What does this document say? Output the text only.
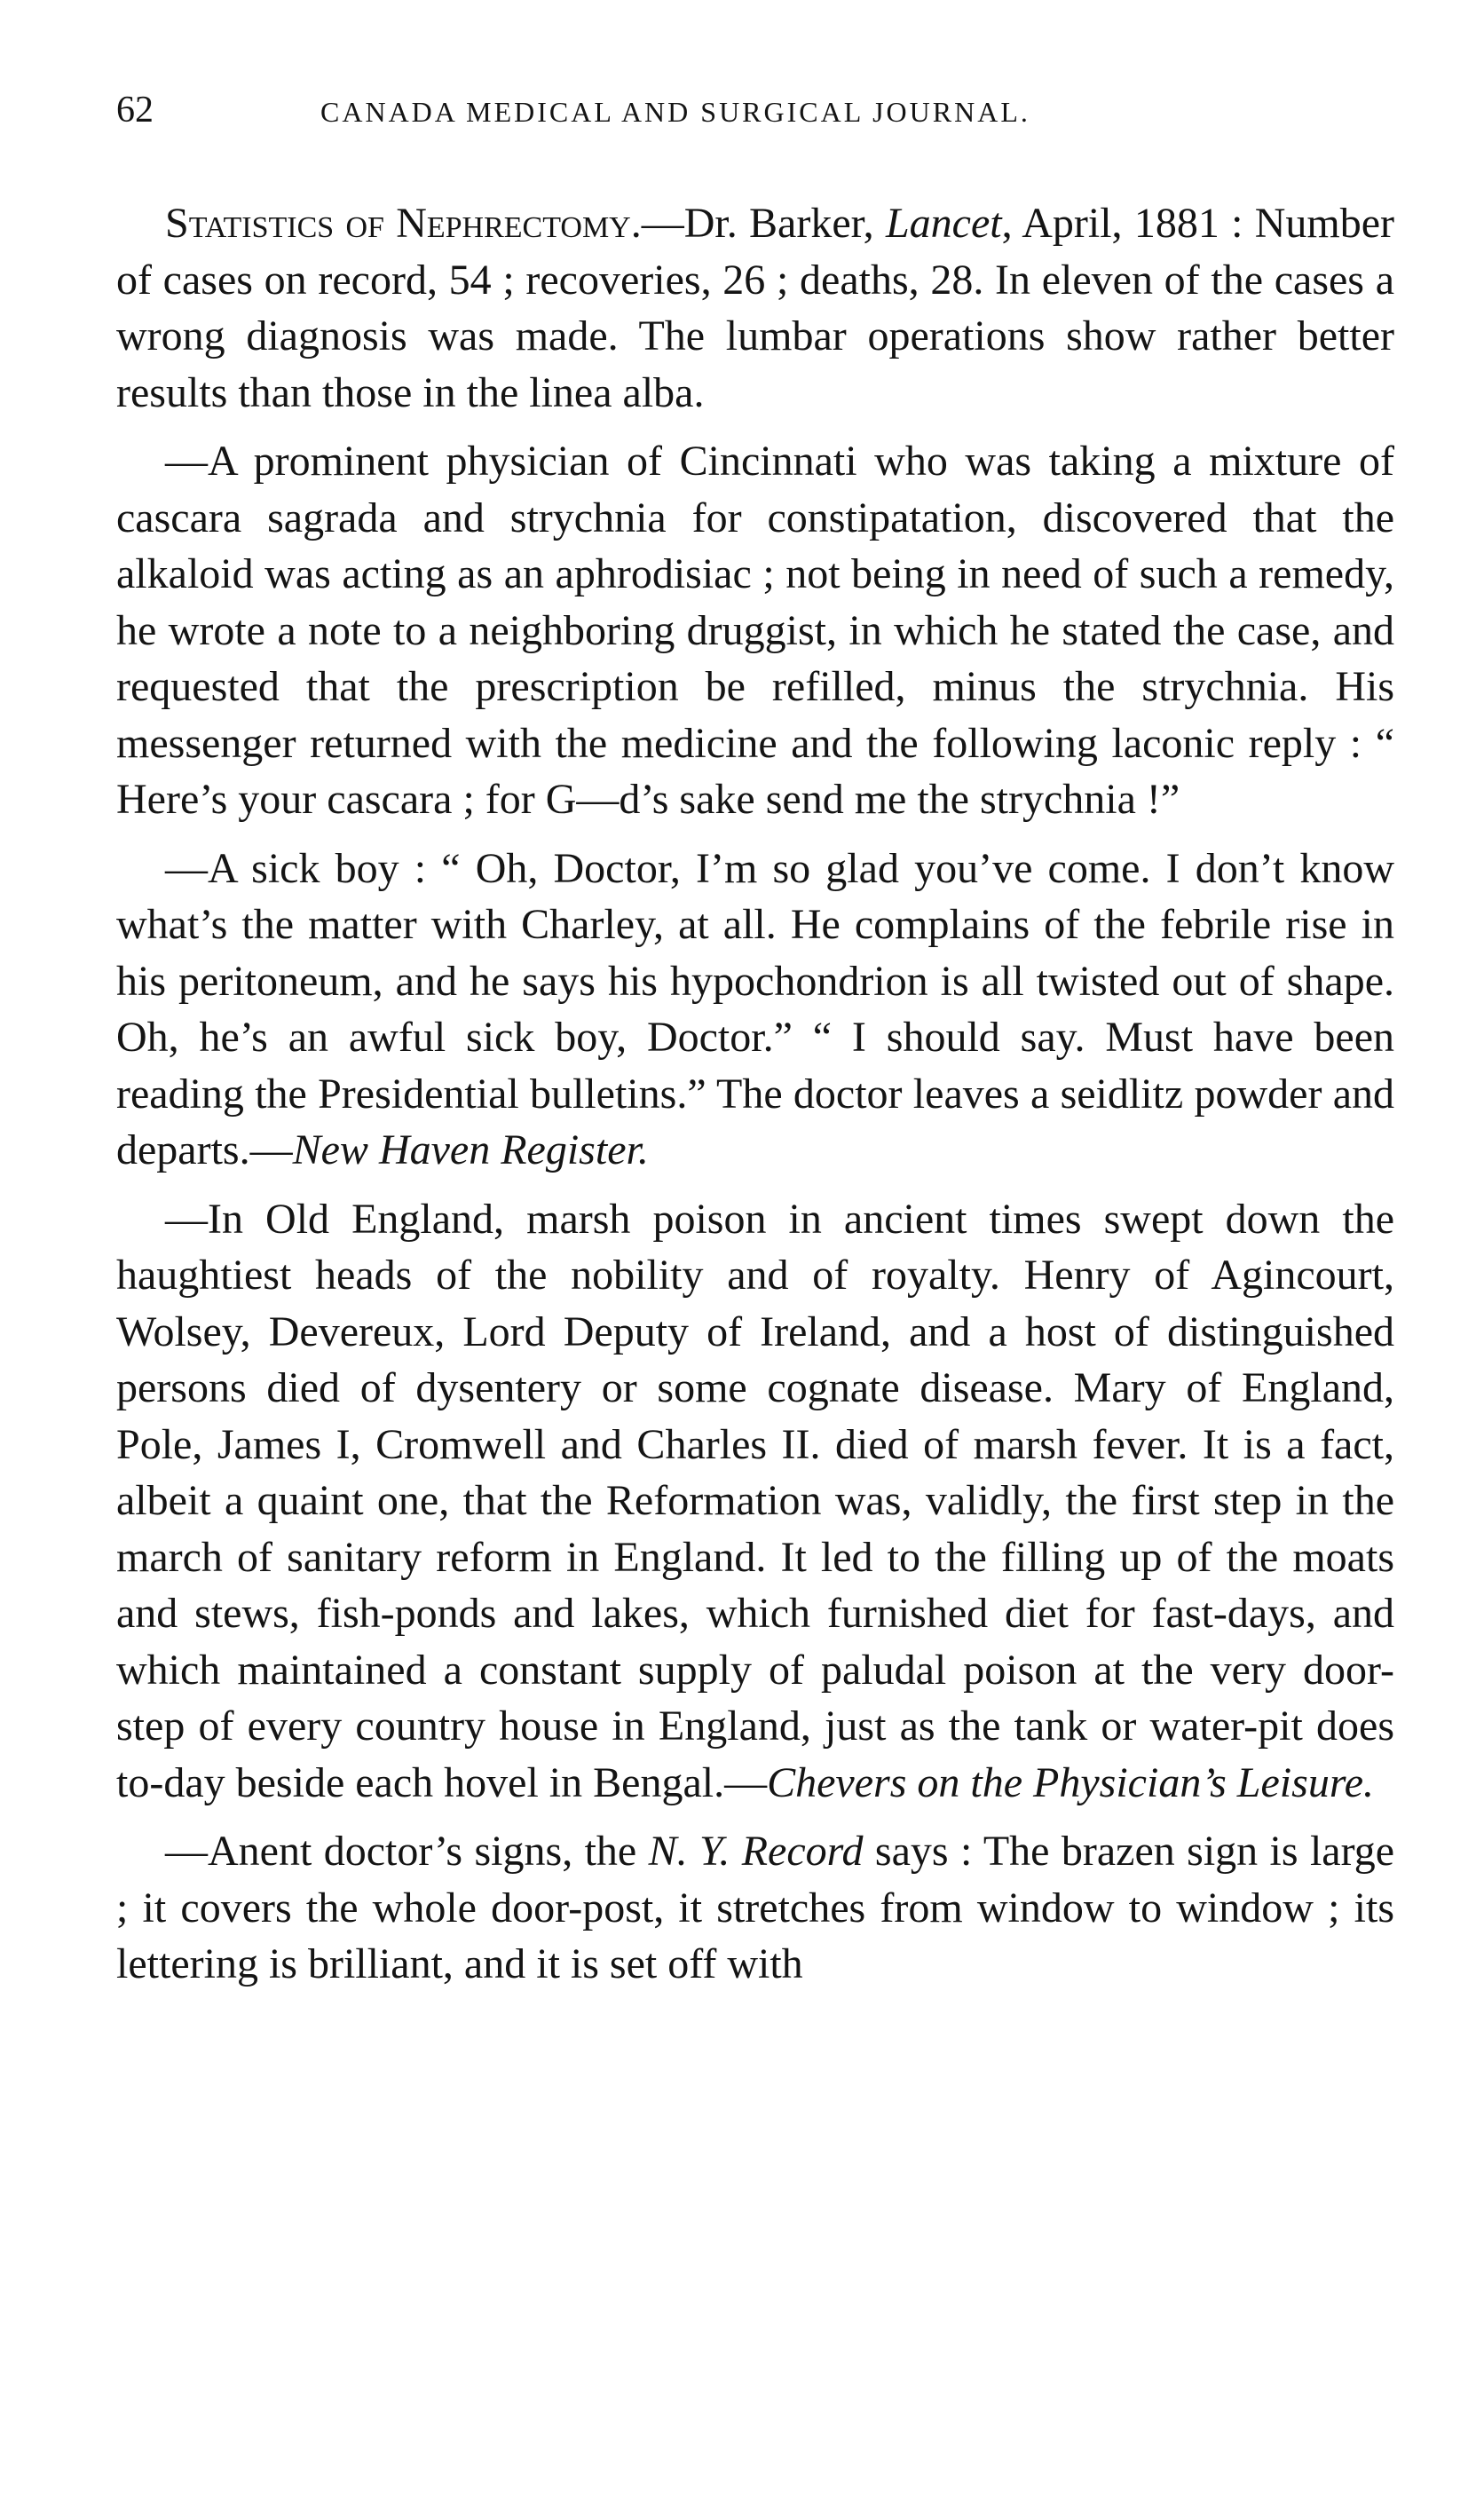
62	CANADA MEDICAL AND SURGICAL JOURNAL.

Statistics of Nephrectomy.—Dr. Barker, Lancet, April, 1881 : Number of cases on record, 54 ; recoveries, 26 ; deaths, 28. In eleven of the cases a wrong diagnosis was made. The lumbar operations show rather better results than those in the linea alba.

—A prominent physician of Cincinnati who was taking a mixture of cascara sagrada and strychnia for constipatation, discovered that the alkaloid was acting as an aphrodisiac ; not being in need of such a remedy, he wrote a note to a neighboring druggist, in which he stated the case, and requested that the prescription be refilled, minus the strychnia. His messenger returned with the medicine and the following laconic reply : “ Here’s your cascara ; for G—d’s sake send me the strychnia !”

—A sick boy : “ Oh, Doctor, I’m so glad you’ve come. I don’t know what’s the matter with Charley, at all. He complains of the febrile rise in his peritoneum, and he says his hypochondrion is all twisted out of shape. Oh, he’s an awful sick boy, Doctor.” “ I should say. Must have been reading the Presidential bulletins.” The doctor leaves a seidlitz powder and departs.—New Haven Register.

—In Old England, marsh poison in ancient times swept down the haughtiest heads of the nobility and of royalty. Henry of Agincourt, Wolsey, Devereux, Lord Deputy of Ireland, and a host of distinguished persons died of dysentery or some cognate disease. Mary of England, Pole, James I, Cromwell and Charles II. died of marsh fever. It is a fact, albeit a quaint one, that the Reformation was, validly, the first step in the march of sanitary reform in England. It led to the filling up of the moats and stews, fish-ponds and lakes, which furnished diet for fast-days, and which maintained a constant supply of paludal poison at the very door-step of every country house in England, just as the tank or water-pit does to-day beside each hovel in Bengal.—Chevers on the Physician’s Leisure.

—Anent doctor’s signs, the N. Y. Record says : The brazen sign is large ; it covers the whole door-post, it stretches from window to window ; its lettering is brilliant, and it is set off with
